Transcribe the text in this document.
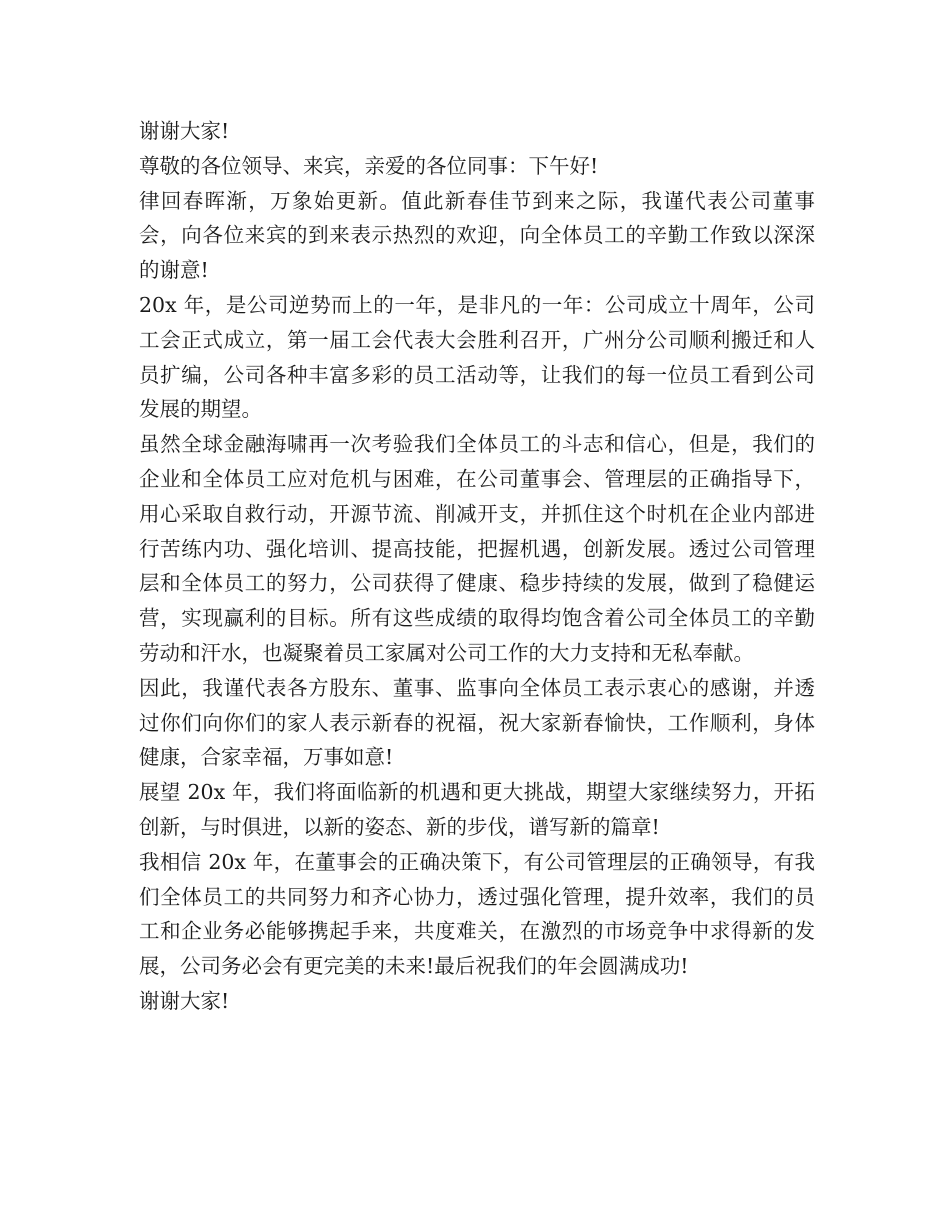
谢谢大家!

尊敬的各位领导、来宾，亲爱的各位同事：下午好!

律回春晖渐，万象始更新。值此新春佳节到来之际，我谨代表公司董事会，向各位来宾的到来表示热烈的欢迎，向全体员工的辛勤工作致以深深的谢意!

20x 年，是公司逆势而上的一年，是非凡的一年：公司成立十周年，公司工会正式成立，第一届工会代表大会胜利召开，广州分公司顺利搬迁和人员扩编，公司各种丰富多彩的员工活动等，让我们的每一位员工看到公司发展的期望。

虽然全球金融海啸再一次考验我们全体员工的斗志和信心，但是，我们的企业和全体员工应对危机与困难，在公司董事会、管理层的正确指导下，用心采取自救行动，开源节流、削减开支，并抓住这个时机在企业内部进行苦练内功、强化培训、提高技能，把握机遇，创新发展。透过公司管理层和全体员工的努力，公司获得了健康、稳步持续的发展，做到了稳健运营，实现赢利的目标。所有这些成绩的取得均饱含着公司全体员工的辛勤劳动和汗水，也凝聚着员工家属对公司工作的大力支持和无私奉献。

因此，我谨代表各方股东、董事、监事向全体员工表示衷心的感谢，并透过你们向你们的家人表示新春的祝福，祝大家新春愉快，工作顺利，身体健康，合家幸福，万事如意!

展望 20x 年，我们将面临新的机遇和更大挑战，期望大家继续努力，开拓创新，与时俱进，以新的姿态、新的步伐，谱写新的篇章!

我相信 20x 年，在董事会的正确决策下，有公司管理层的正确领导，有我们全体员工的共同努力和齐心协力，透过强化管理，提升效率，我们的员工和企业务必能够携起手来，共度难关，在激烈的市场竞争中求得新的发展，公司务必会有更完美的未来!最后祝我们的年会圆满成功!

谢谢大家!
